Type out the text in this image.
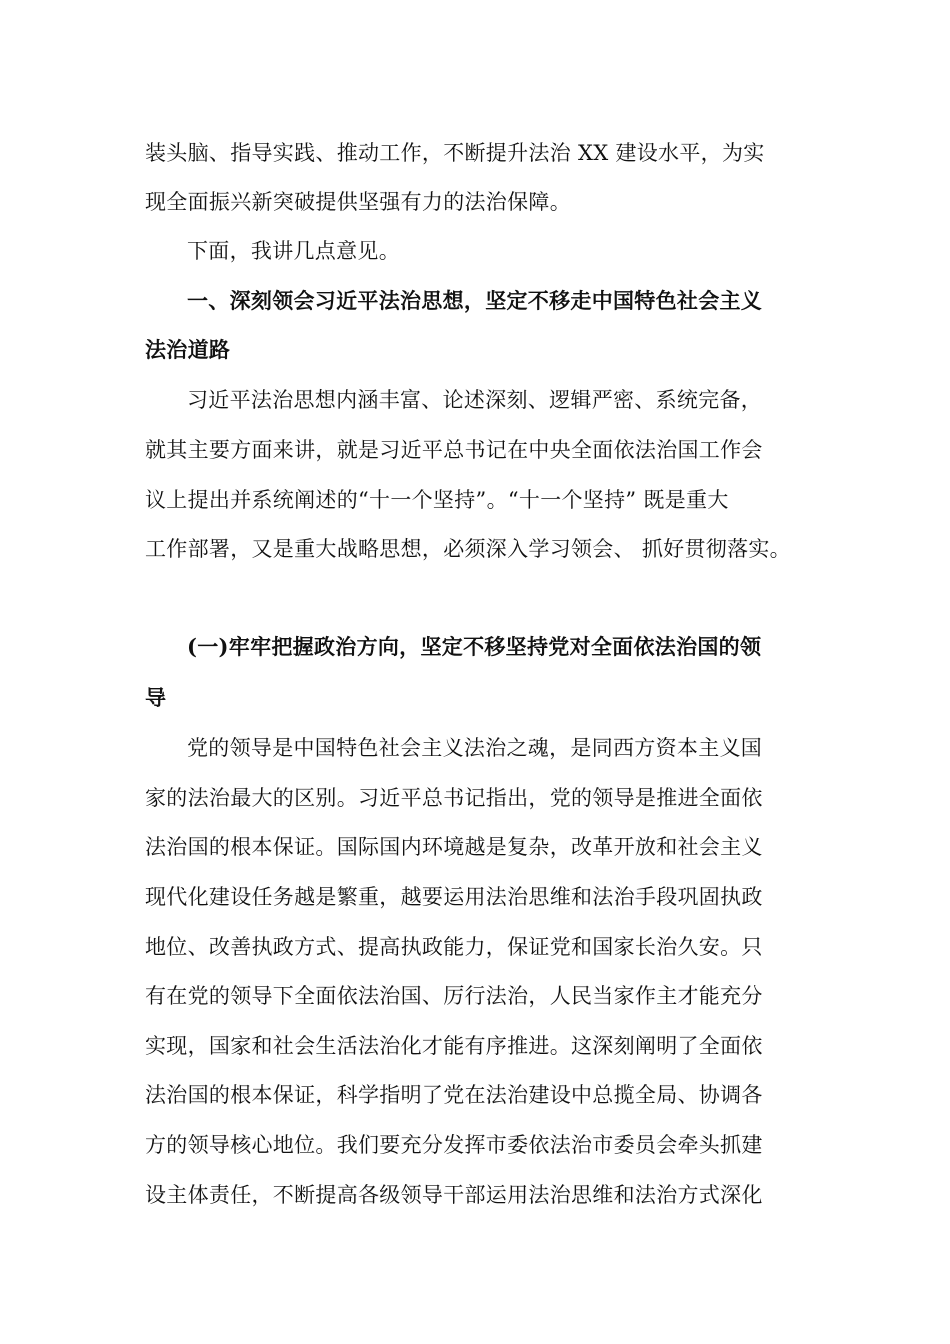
装头脑、指导实践、推动工作，不断提升法治 XX 建设水平，为实
现全面振兴新突破提供坚强有力的法治保障。
下面，我讲几点意见。
一、深刻领会习近平法治思想，坚定不移走中国特色社会主义
法治道路
习近平法治思想内涵丰富、论述深刻、逻辑严密、系统完备，
就其主要方面来讲，就是习近平总书记在中央全面依法治国工作会
议上提出并系统阐述的“十一个坚持”。“十一个坚持” 既是重大
工作部署，又是重大战略思想，必须深入学习领会、 抓好贯彻落实。
(一)牢牢把握政治方向，坚定不移坚持党对全面依法治国的领
导
党的领导是中国特色社会主义法治之魂，是同西方资本主义国
家的法治最大的区别。习近平总书记指出，党的领导是推进全面依
法治国的根本保证。国际国内环境越是复杂，改革开放和社会主义
现代化建设任务越是繁重，越要运用法治思维和法治手段巩固执政
地位、改善执政方式、提高执政能力，保证党和国家长治久安。只
有在党的领导下全面依法治国、厉行法治，人民当家作主才能充分
实现，国家和社会生活法治化才能有序推进。这深刻阐明了全面依
法治国的根本保证，科学指明了党在法治建设中总揽全局、协调各
方的领导核心地位。我们要充分发挥市委依法治市委员会牵头抓建
设主体责任，不断提高各级领导干部运用法治思维和法治方式深化
